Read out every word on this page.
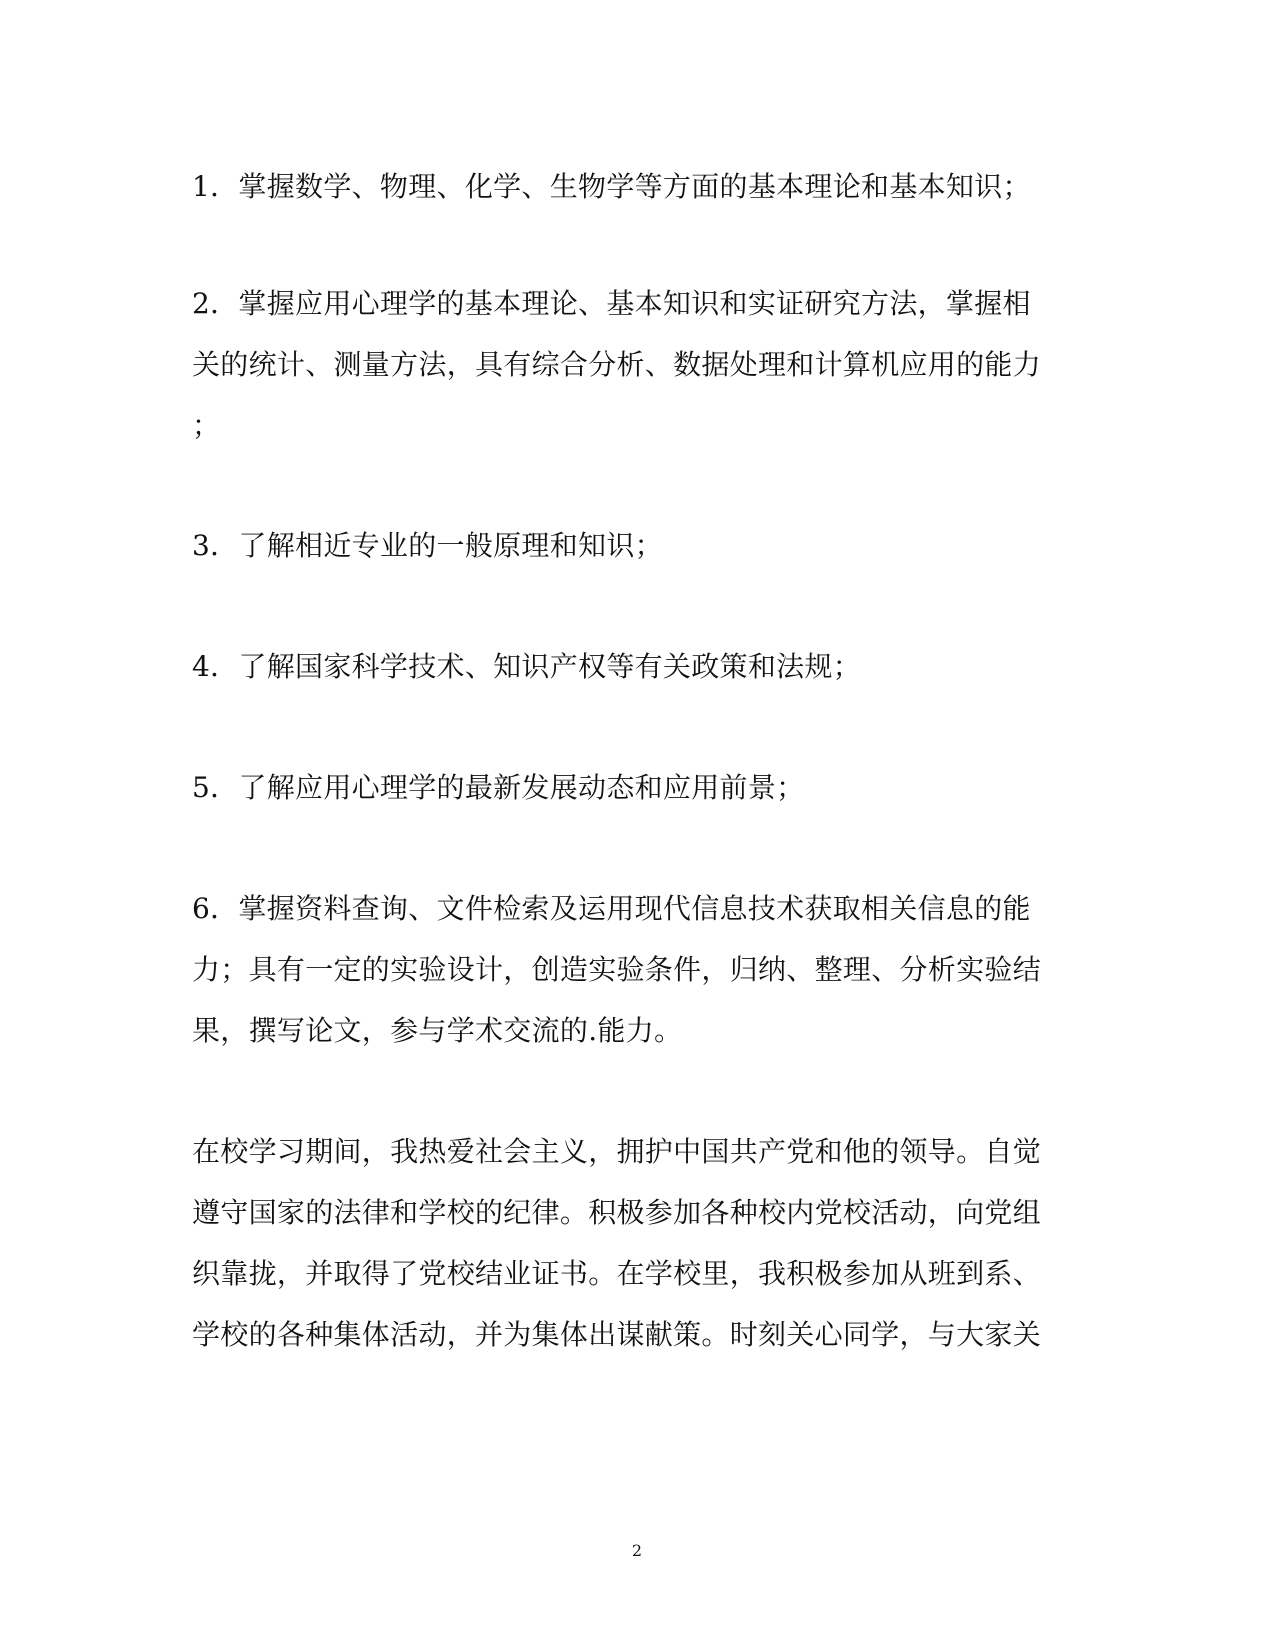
1．掌握数学、物理、化学、生物学等方面的基本理论和基本知识；
2．掌握应用心理学的基本理论、基本知识和实证研究方法，掌握相
关的统计、测量方法，具有综合分析、数据处理和计算机应用的能力
；
3．了解相近专业的一般原理和知识；
4．了解国家科学技术、知识产权等有关政策和法规；
5．了解应用心理学的最新发展动态和应用前景；
6．掌握资料查询、文件检索及运用现代信息技术获取相关信息的能
力；具有一定的实验设计，创造实验条件，归纳、整理、分析实验结
果，撰写论文，参与学术交流的.能力。
在校学习期间，我热爱社会主义，拥护中国共产党和他的领导。自觉
遵守国家的法律和学校的纪律。积极参加各种校内党校活动，向党组
织靠拢，并取得了党校结业证书。在学校里，我积极参加从班到系、
学校的各种集体活动，并为集体出谋献策。时刻关心同学，与大家关
2
